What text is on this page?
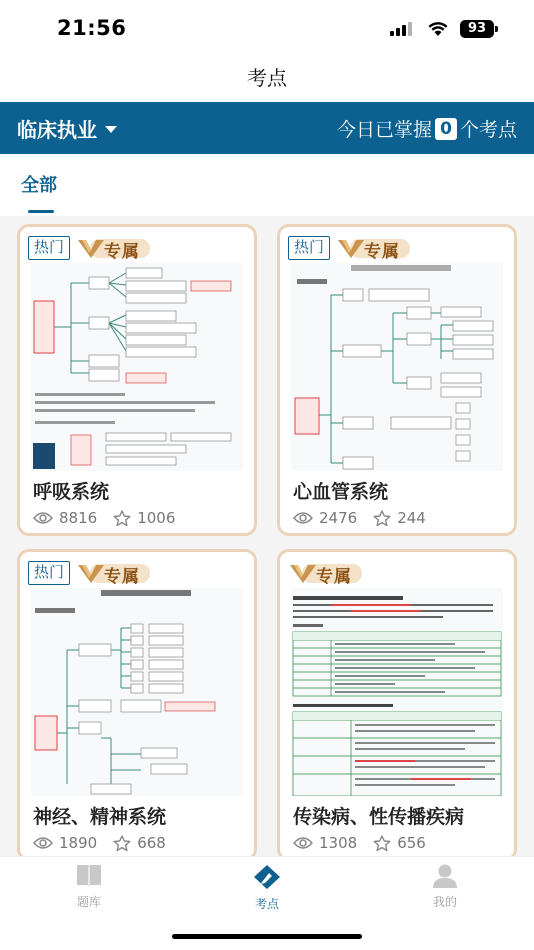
21:56	93
考点
临床执业	今日已掌握 0 个考点
全部
热门	专属
呼吸系统
8816	1006
热门	专属
心血管系统
2476	244
热门	专属
神经、精神系统
1890	668
专属
传染病、性传播疾病
1308	656
题库	考点	我的
